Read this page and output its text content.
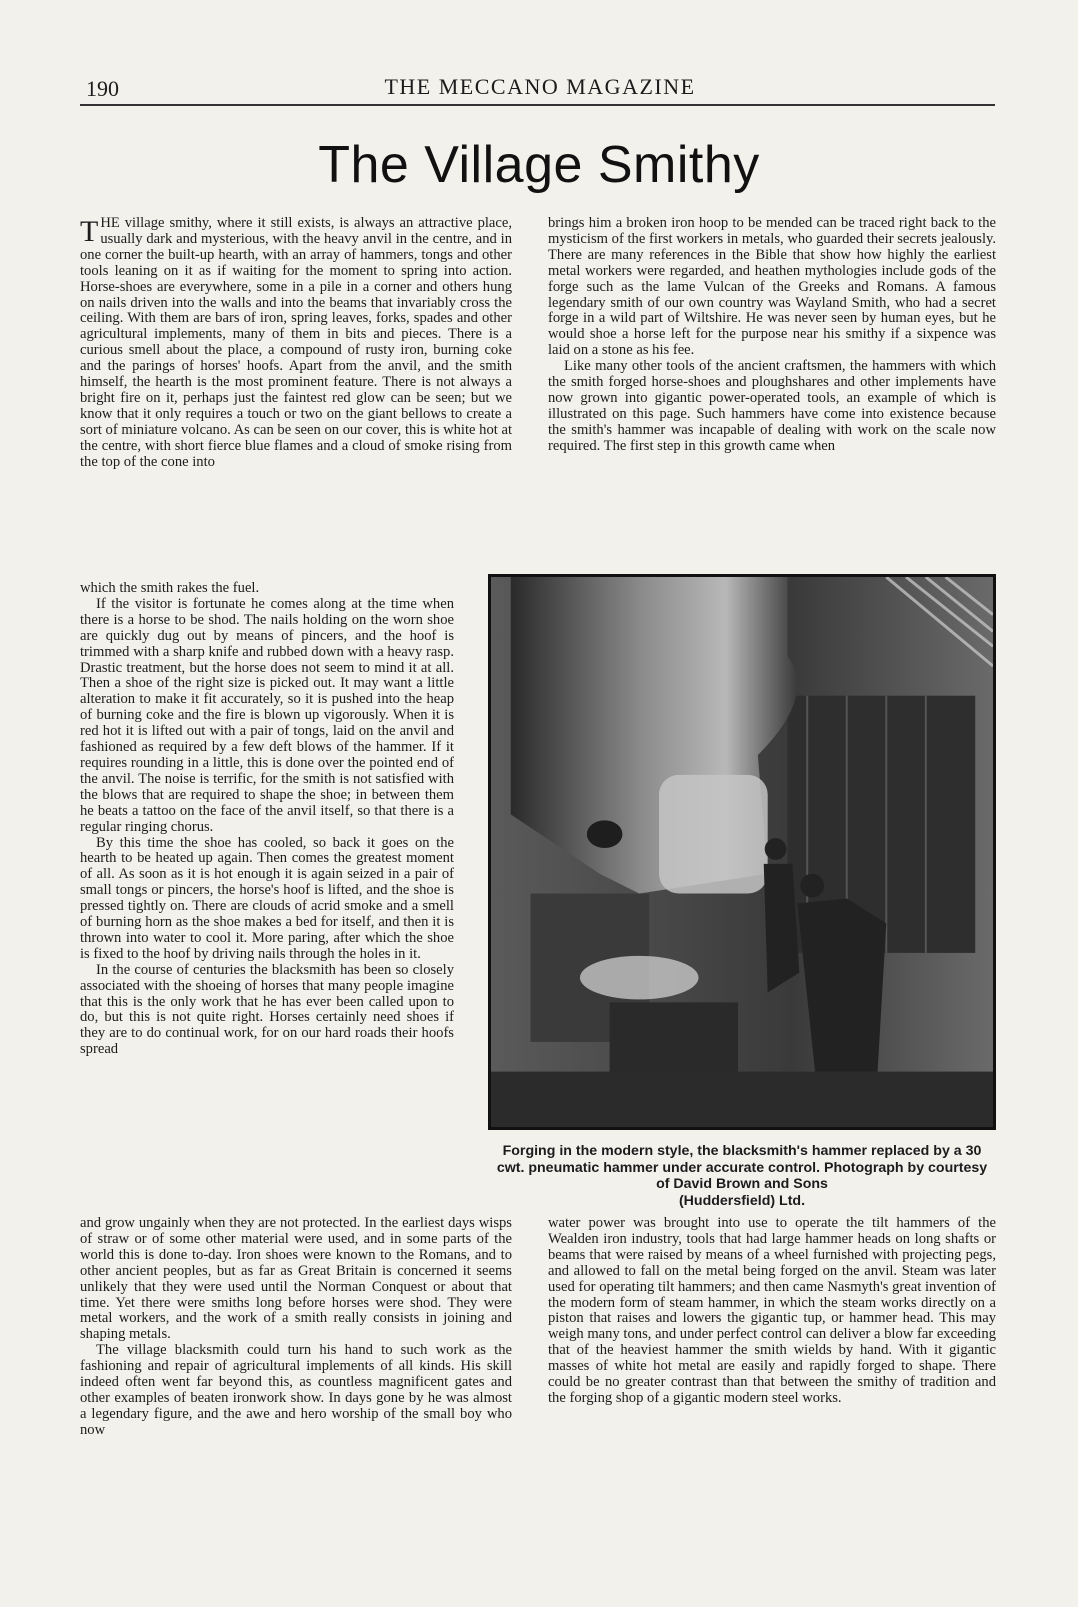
190	THE MECCANO MAGAZINE
The Village Smithy

THE village smithy, where it still exists, is always an attractive place, usually dark and mysterious, with the heavy anvil in the centre, and in one corner the built-up hearth, with an array of hammers, tongs and other tools leaning on it as if waiting for the moment to spring into action. Horse-shoes are everywhere, some in a pile in a corner and others hung on nails driven into the walls and into the beams that invariably cross the ceiling. With them are bars of iron, spring leaves, forks, spades and other agricultural implements, many of them in bits and pieces. There is a curious smell about the place, a compound of rusty iron, burning coke and the parings of horses' hoofs. Apart from the anvil, and the smith himself, the hearth is the most prominent feature. There is not always a bright fire on it, perhaps just the faintest red glow can be seen; but we know that it only requires a touch or two on the giant bellows to create a sort of miniature volcano. As can be seen on our cover, this is white hot at the centre, with short fierce blue flames and a cloud of smoke rising from the top of the cone into

which the smith rakes the fuel.

If the visitor is fortunate he comes along at the time when there is a horse to be shod. The nails holding on the worn shoe are quickly dug out by means of pincers, and the hoof is trimmed with a sharp knife and rubbed down with a heavy rasp. Drastic treatment, but the horse does not seem to mind it at all. Then a shoe of the right size is picked out. It may want a little alteration to make it fit accurately, so it is pushed into the heap of burning coke and the fire is blown up vigorously. When it is red hot it is lifted out with a pair of tongs, laid on the anvil and fashioned as required by a few deft blows of the hammer. If it requires rounding in a little, this is done over the pointed end of the anvil. The noise is terrific, for the smith is not satisfied with the blows that are required to shape the shoe; in between them he beats a tattoo on the face of the anvil itself, so that there is a regular ringing chorus.

By this time the shoe has cooled, so back it goes on the hearth to be heated up again. Then comes the greatest moment of all. As soon as it is hot enough it is again seized in a pair of small tongs or pincers, the horse's hoof is lifted, and the shoe is pressed tightly on. There are clouds of acrid smoke and a smell of burning horn as the shoe makes a bed for itself, and then it is thrown into water to cool it. More paring, after which the shoe is fixed to the hoof by driving nails through the holes in it.

In the course of centuries the blacksmith has been so closely associated with the shoeing of horses that many people imagine that this is the only work that he has ever been called upon to do, but this is not quite right. Horses certainly need shoes if they are to do continual work, for on our hard roads their hoofs spread

and grow ungainly when they are not protected. In the earliest days wisps of straw or of some other material were used, and in some parts of the world this is done to-day. Iron shoes were known to the Romans, and to other ancient peoples, but as far as Great Britain is concerned it seems unlikely that they were used until the Norman Conquest or about that time. Yet there were smiths long before horses were shod. They were metal workers, and the work of a smith really consists in joining and shaping metals.

The village blacksmith could turn his hand to such work as the fashioning and repair of agricultural implements of all kinds. His skill indeed often went far beyond this, as countless magnificent gates and other examples of beaten ironwork show. In days gone by he was almost a legendary figure, and the awe and hero worship of the small boy who now

brings him a broken iron hoop to be mended can be traced right back to the mysticism of the first workers in metals, who guarded their secrets jealously. There are many references in the Bible that show how highly the earliest metal workers were regarded, and heathen mythologies include gods of the forge such as the lame Vulcan of the Greeks and Romans. A famous legendary smith of our own country was Wayland Smith, who had a secret forge in a wild part of Wiltshire. He was never seen by human eyes, but he would shoe a horse left for the purpose near his smithy if a sixpence was laid on a stone as his fee.

Like many other tools of the ancient craftsmen, the hammers with which the smith forged horse-shoes and ploughshares and other implements have now grown into gigantic power-operated tools, an example of which is illustrated on this page. Such hammers have come into existence because the smith's hammer was incapable of dealing with work on the scale now required. The first step in this growth came when

Forging in the modern style, the blacksmith's hammer replaced by a 30 cwt. pneumatic hammer under accurate control. Photograph by courtesy of David Brown and Sons
(Huddersfield) Ltd.

water power was brought into use to operate the tilt hammers of the Wealden iron industry, tools that had large hammer heads on long shafts or beams that were raised by means of a wheel furnished with projecting pegs, and allowed to fall on the metal being forged on the anvil. Steam was later used for operating tilt hammers; and then came Nasmyth's great invention of the modern form of steam hammer, in which the steam works directly on a piston that raises and lowers the gigantic tup, or hammer head. This may weigh many tons, and under perfect control can deliver a blow far exceeding that of the heaviest hammer the smith wields by hand. With it gigantic masses of white hot metal are easily and rapidly forged to shape. There could be no greater contrast than that between the smithy of tradition and the forging shop of a gigantic modern steel works.
